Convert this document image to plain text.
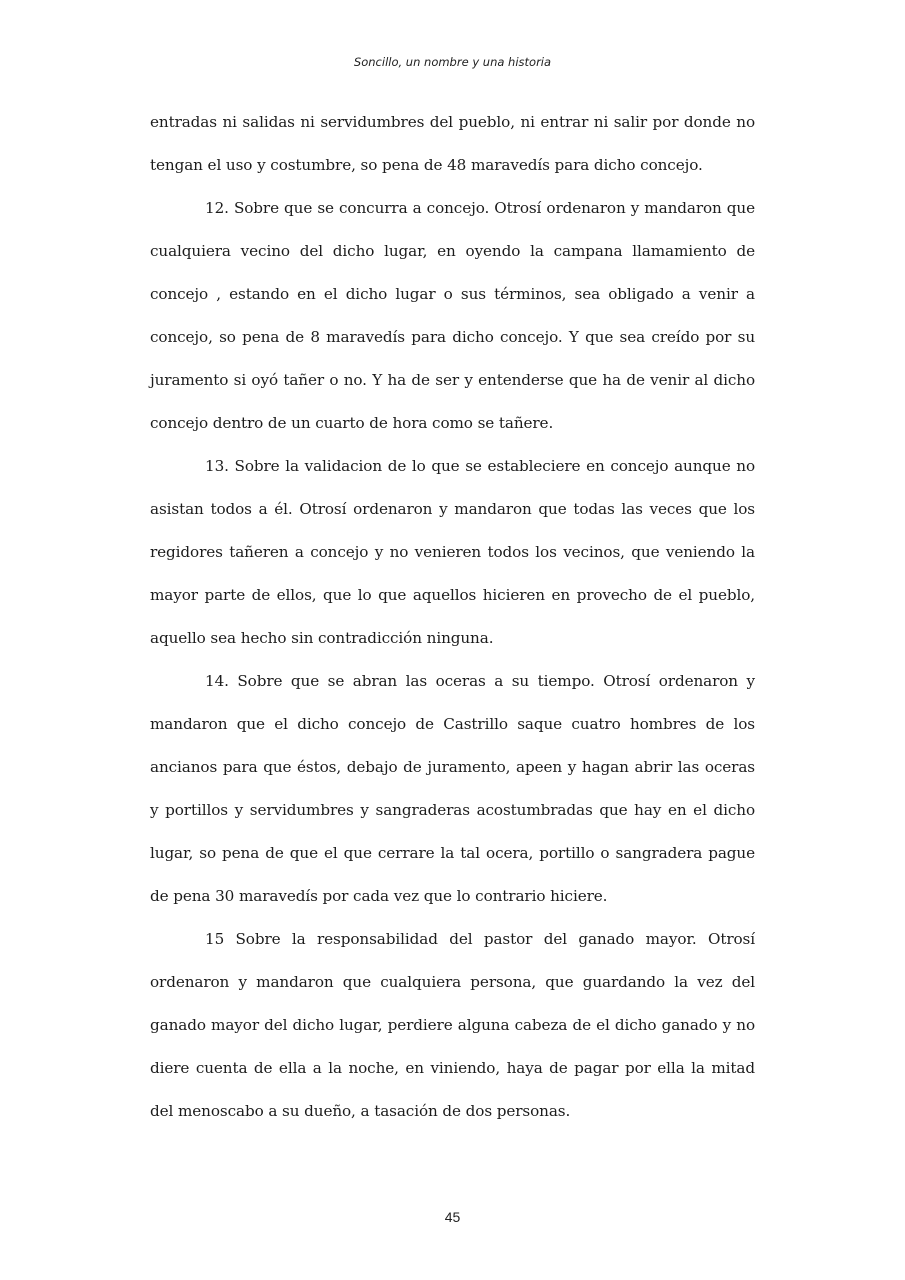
Soncillo, un nombre y una historia

entradas ni salidas ni servidumbres del pueblo, ni entrar ni salir por donde no tengan el uso y costumbre, so pena de 48 maravedís para dicho concejo.

12. Sobre que se concurra a concejo. Otrosí ordenaron y mandaron que cualquiera vecino del dicho lugar, en oyendo la campana llamamiento de concejo , estando en el dicho lugar o sus términos, sea obligado a venir a concejo, so pena de 8 maravedís para dicho concejo. Y que sea creído por su juramento si oyó tañer o no. Y ha de ser y entenderse que ha de venir al dicho concejo dentro de un cuarto de hora como se tañere.

13. Sobre la validacion de lo que se estableciere en concejo aunque no asistan todos a él. Otrosí ordenaron y mandaron que todas las veces que los regidores tañeren a concejo y no venieren todos los vecinos, que veniendo la mayor parte de ellos, que lo que aquellos hicieren en provecho de el pueblo, aquello sea hecho sin contradicción ninguna.

14. Sobre que se abran las oceras a su tiempo. Otrosí ordenaron y mandaron que el dicho concejo de Castrillo saque cuatro hombres de los ancianos para que éstos, debajo de juramento, apeen y hagan abrir las oceras y portillos y servidumbres y sangraderas acostumbradas que hay en el dicho lugar, so pena de que el que cerrare la tal ocera, portillo o sangradera pague de pena 30 maravedís por cada vez que lo contrario hiciere.

15 Sobre la responsabilidad del pastor del ganado mayor. Otrosí ordenaron y mandaron que cualquiera persona, que guardando la vez del ganado mayor del dicho lugar, perdiere alguna cabeza de el dicho ganado y no diere cuenta de ella a la noche, en viniendo, haya de pagar por ella la mitad del menoscabo a su dueño, a tasación de dos personas.

45
